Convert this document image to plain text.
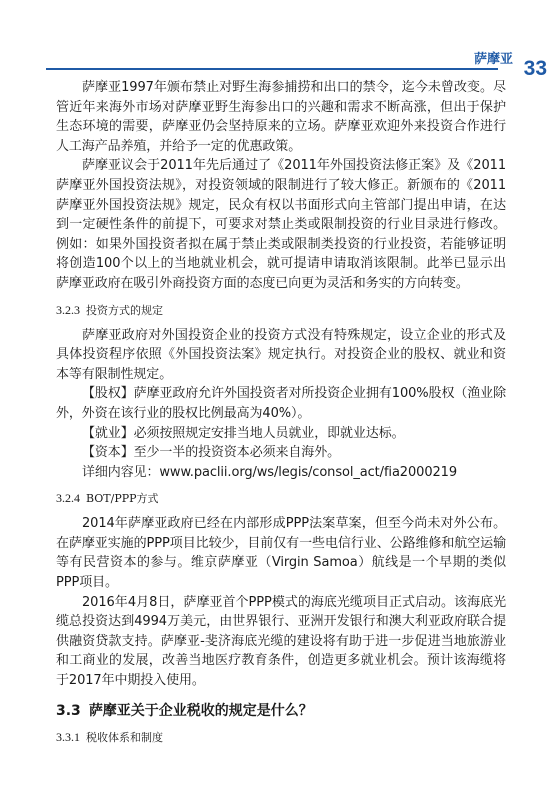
萨摩亚 33

萨摩亚1997年颁布禁止对野生海参捕捞和出口的禁令，迄今未曾改变。尽管近年来海外市场对萨摩亚野生海参出口的兴趣和需求不断高涨，但出于保护生态环境的需要，萨摩亚仍会坚持原来的立场。萨摩亚欢迎外来投资合作进行人工海产品养殖，并给予一定的优惠政策。

萨摩亚议会于2011年先后通过了《2011年外国投资法修正案》及《2011萨摩亚外国投资法规》，对投资领域的限制进行了较大修正。新颁布的《2011萨摩亚外国投资法规》规定，民众有权以书面形式向主管部门提出申请，在达到一定硬性条件的前提下，可要求对禁止类或限制投资的行业目录进行修改。例如：如果外国投资者拟在属于禁止类或限制类投资的行业投资，若能够证明将创造100个以上的当地就业机会，就可提请申请取消该限制。此举已显示出萨摩亚政府在吸引外商投资方面的态度已向更为灵活和务实的方向转变。

3.2.3 投资方式的规定

萨摩亚政府对外国投资企业的投资方式没有特殊规定，设立企业的形式及具体投资程序依照《外国投资法案》规定执行。对投资企业的股权、就业和资本等有限制性规定。

【股权】萨摩亚政府允许外国投资者对所投资企业拥有100%股权（渔业除外，外资在该行业的股权比例最高为40%）。

【就业】必须按照规定安排当地人员就业，即就业达标。

【资本】至少一半的投资资本必须来自海外。

详细内容见：www.paclii.org/ws/legis/consol_act/fia2000219

3.2.4 BOT/PPP方式

2014年萨摩亚政府已经在内部形成PPP法案草案，但至今尚未对外公布。在萨摩亚实施的PPP项目比较少，目前仅有一些电信行业、公路维修和航空运输等有民营资本的参与。维京萨摩亚（Virgin Samoa）航线是一个早期的类似PPP项目。

2016年4月8日，萨摩亚首个PPP模式的海底光缆项目正式启动。该海底光缆总投资达到4994万美元，由世界银行、亚洲开发银行和澳大利亚政府联合提供融资贷款支持。萨摩亚-斐济海底光缆的建设将有助于进一步促进当地旅游业和工商业的发展，改善当地医疗教育条件，创造更多就业机会。预计该海缆将于2017年中期投入使用。

3.3 萨摩亚关于企业税收的规定是什么？
3.3.1 税收体系和制度
